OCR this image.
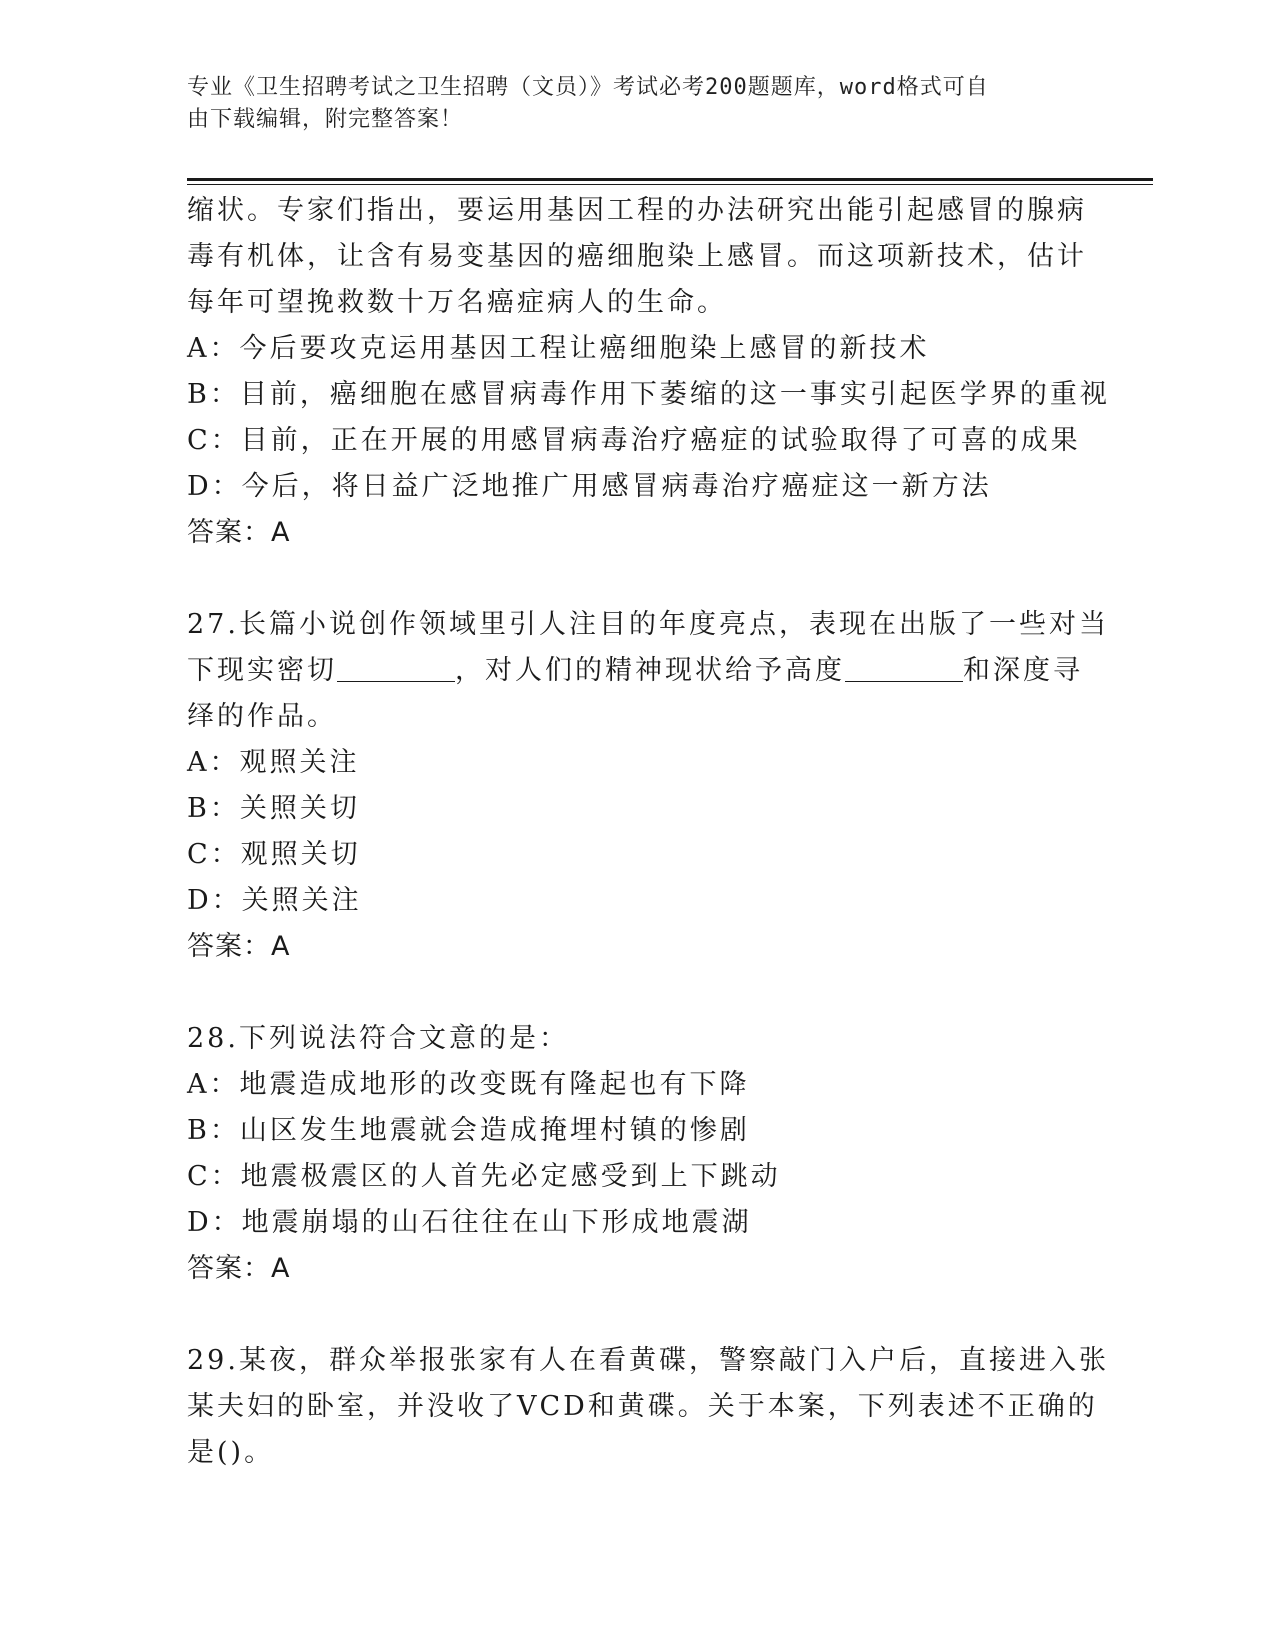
专业《卫生招聘考试之卫生招聘（文员）》考试必考200题题库，word格式可自
由下载编辑，附完整答案！
缩状。专家们指出，要运用基因工程的办法研究出能引起感冒的腺病
毒有机体，让含有易变基因的癌细胞染上感冒。而这项新技术，估计
每年可望挽救数十万名癌症病人的生命。
A：今后要攻克运用基因工程让癌细胞染上感冒的新技术
B：目前，癌细胞在感冒病毒作用下萎缩的这一事实引起医学界的重视
C：目前，正在开展的用感冒病毒治疗癌症的试验取得了可喜的成果
D：今后，将日益广泛地推广用感冒病毒治疗癌症这一新方法
答案：A
27.长篇小说创作领域里引人注目的年度亮点，表现在出版了一些对当
下现实密切	，对人们的精神现状给予高度	和深度寻
绎的作品。
A：观照关注
B：关照关切
C：观照关切
D：关照关注
答案：A
28.下列说法符合文意的是：
A：地震造成地形的改变既有隆起也有下降
B：山区发生地震就会造成掩埋村镇的惨剧
C：地震极震区的人首先必定感受到上下跳动
D：地震崩塌的山石往往在山下形成地震湖
答案：A
29.某夜，群众举报张家有人在看黄碟，警察敲门入户后，直接进入张
某夫妇的卧室，并没收了VCD和黄碟。关于本案，下列表述不正确的
是()。
